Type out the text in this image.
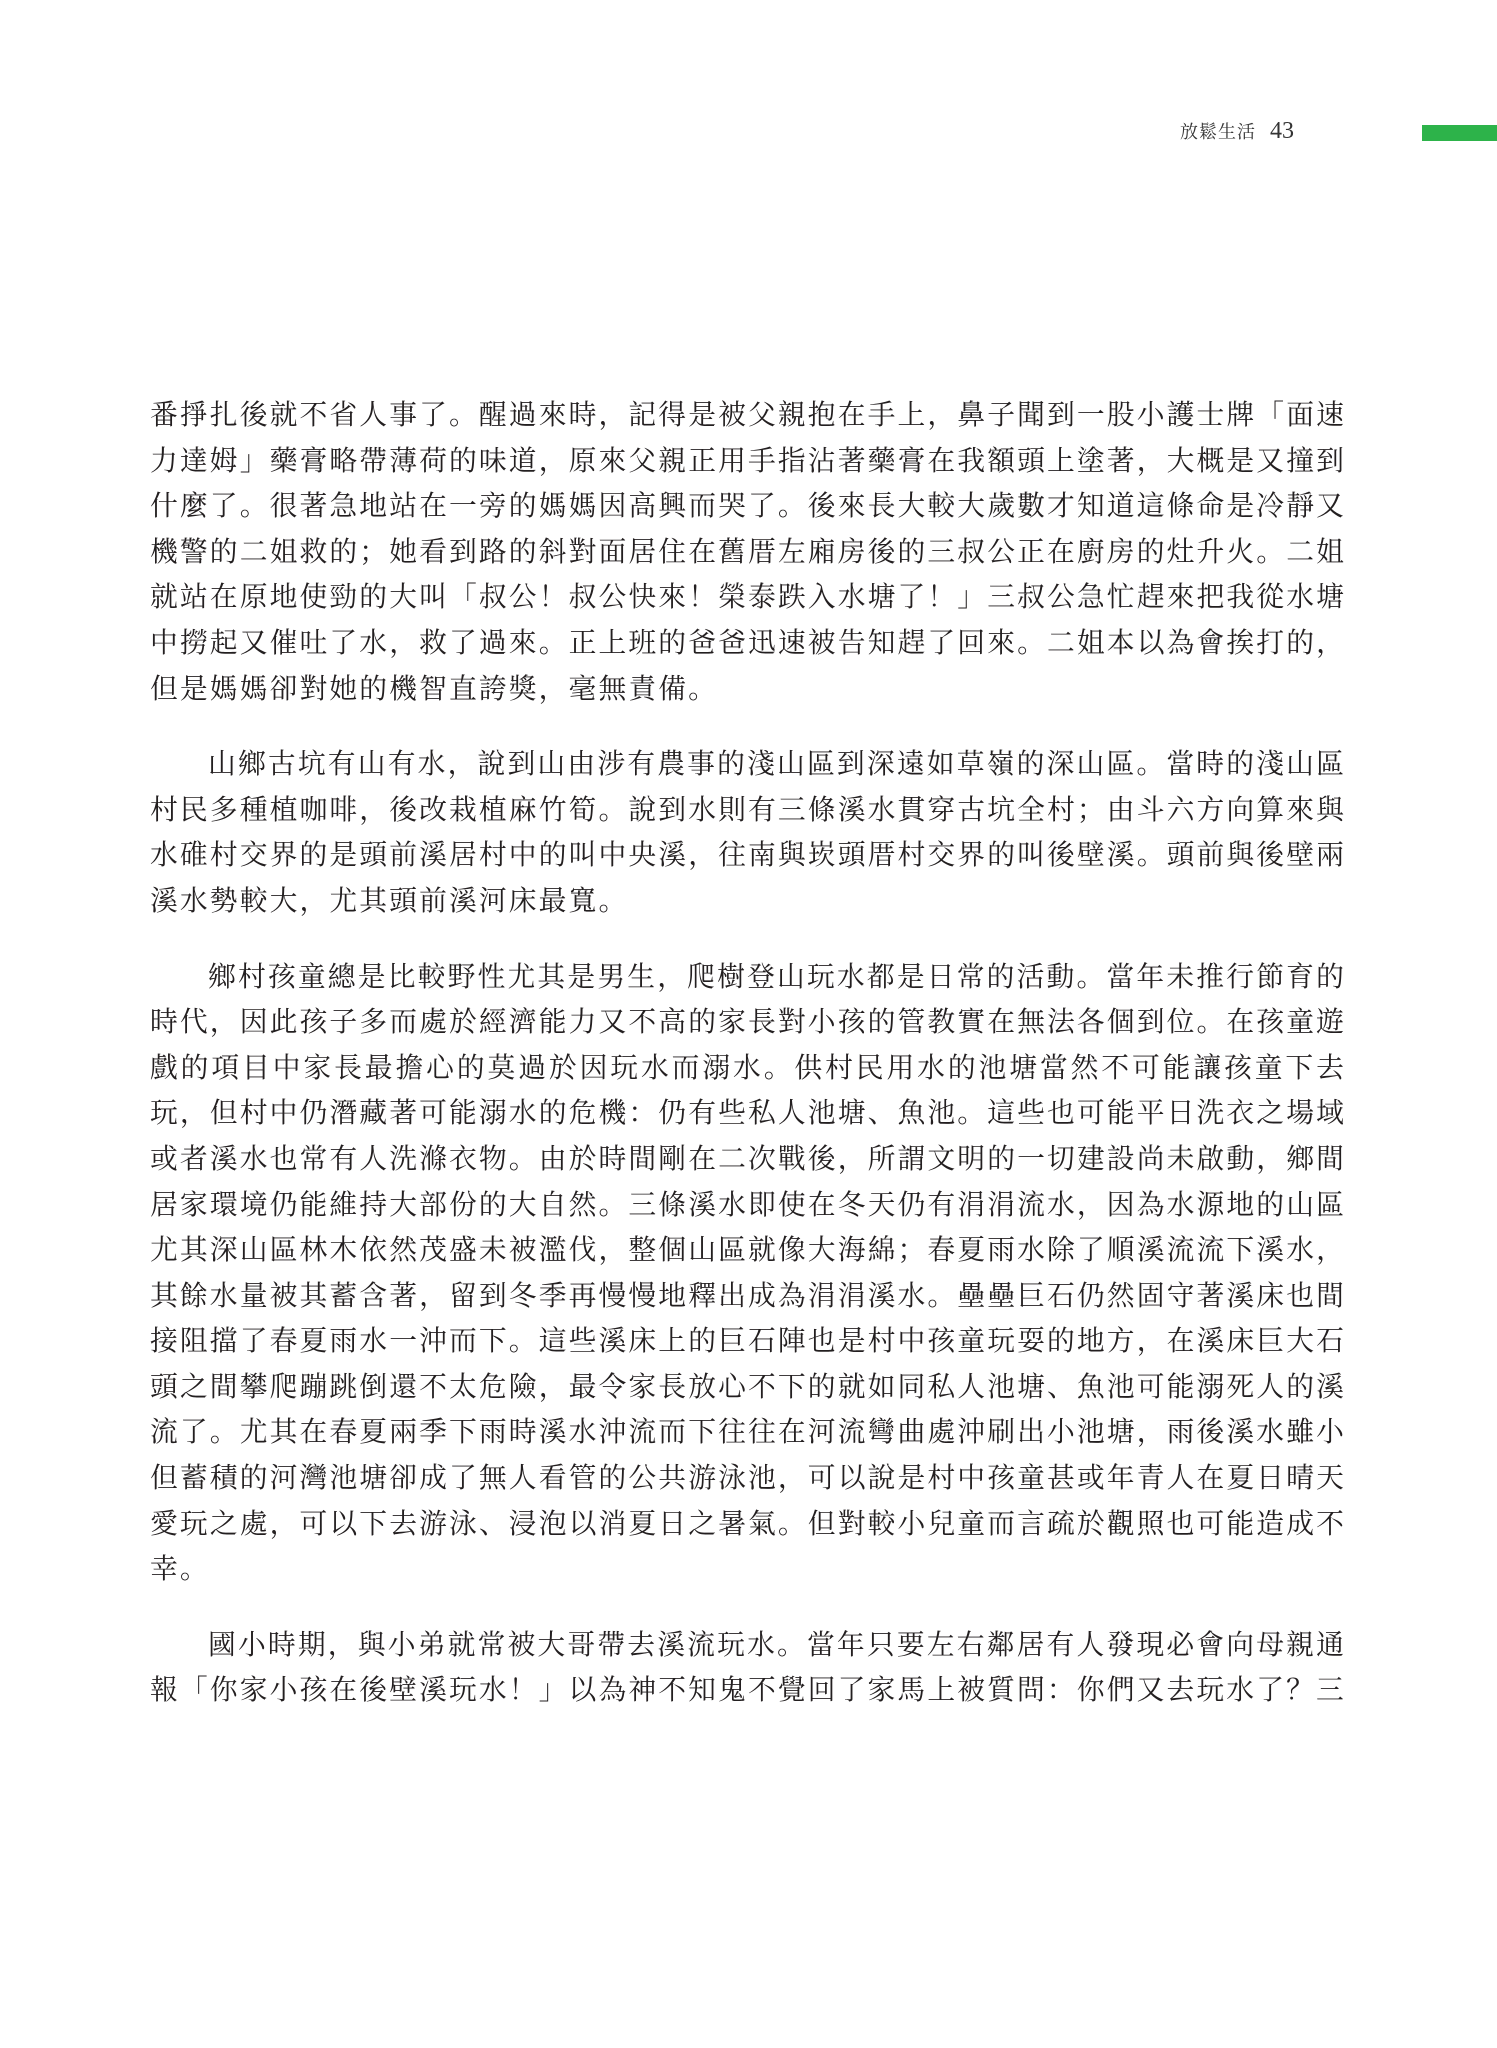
放鬆生活 43

番掙扎後就不省人事了。醒過來時，記得是被父親抱在手上，鼻子聞到一股小護士牌「面速力達姆」藥膏略帶薄荷的味道，原來父親正用手指沾著藥膏在我額頭上塗著，大概是又撞到什麼了。很著急地站在一旁的媽媽因高興而哭了。後來長大較大歲數才知道這條命是冷靜又機警的二姐救的；她看到路的斜對面居住在舊厝左廂房後的三叔公正在廚房的灶升火。二姐就站在原地使勁的大叫「叔公！叔公快來！榮泰跌入水塘了！」三叔公急忙趕來把我從水塘中撈起又催吐了水，救了過來。正上班的爸爸迅速被告知趕了回來。二姐本以為會挨打的，但是媽媽卻對她的機智直誇獎，毫無責備。

山鄉古坑有山有水，說到山由涉有農事的淺山區到深遠如草嶺的深山區。當時的淺山區村民多種植咖啡，後改栽植麻竹筍。說到水則有三條溪水貫穿古坑全村；由斗六方向算來與水碓村交界的是頭前溪居村中的叫中央溪，往南與崁頭厝村交界的叫後壁溪。頭前與後壁兩溪水勢較大，尤其頭前溪河床最寬。

鄉村孩童總是比較野性尤其是男生，爬樹登山玩水都是日常的活動。當年未推行節育的時代，因此孩子多而處於經濟能力又不高的家長對小孩的管教實在無法各個到位。在孩童遊戲的項目中家長最擔心的莫過於因玩水而溺水。供村民用水的池塘當然不可能讓孩童下去玩，但村中仍潛藏著可能溺水的危機：仍有些私人池塘、魚池。這些也可能平日洗衣之場域或者溪水也常有人洗滌衣物。由於時間剛在二次戰後，所謂文明的一切建設尚未啟動，鄉間居家環境仍能維持大部份的大自然。三條溪水即使在冬天仍有涓涓流水，因為水源地的山區尤其深山區林木依然茂盛未被濫伐，整個山區就像大海綿；春夏雨水除了順溪流流下溪水，其餘水量被其蓄含著，留到冬季再慢慢地釋出成為涓涓溪水。壘壘巨石仍然固守著溪床也間接阻擋了春夏雨水一沖而下。這些溪床上的巨石陣也是村中孩童玩耍的地方，在溪床巨大石頭之間攀爬蹦跳倒還不太危險，最令家長放心不下的就如同私人池塘、魚池可能溺死人的溪流了。尤其在春夏兩季下雨時溪水沖流而下往往在河流彎曲處沖刷出小池塘，雨後溪水雖小但蓄積的河灣池塘卻成了無人看管的公共游泳池，可以說是村中孩童甚或年青人在夏日晴天愛玩之處，可以下去游泳、浸泡以消夏日之暑氣。但對較小兒童而言疏於觀照也可能造成不幸。

國小時期，與小弟就常被大哥帶去溪流玩水。當年只要左右鄰居有人發現必會向母親通報「你家小孩在後壁溪玩水！」以為神不知鬼不覺回了家馬上被質問：你們又去玩水了？三
